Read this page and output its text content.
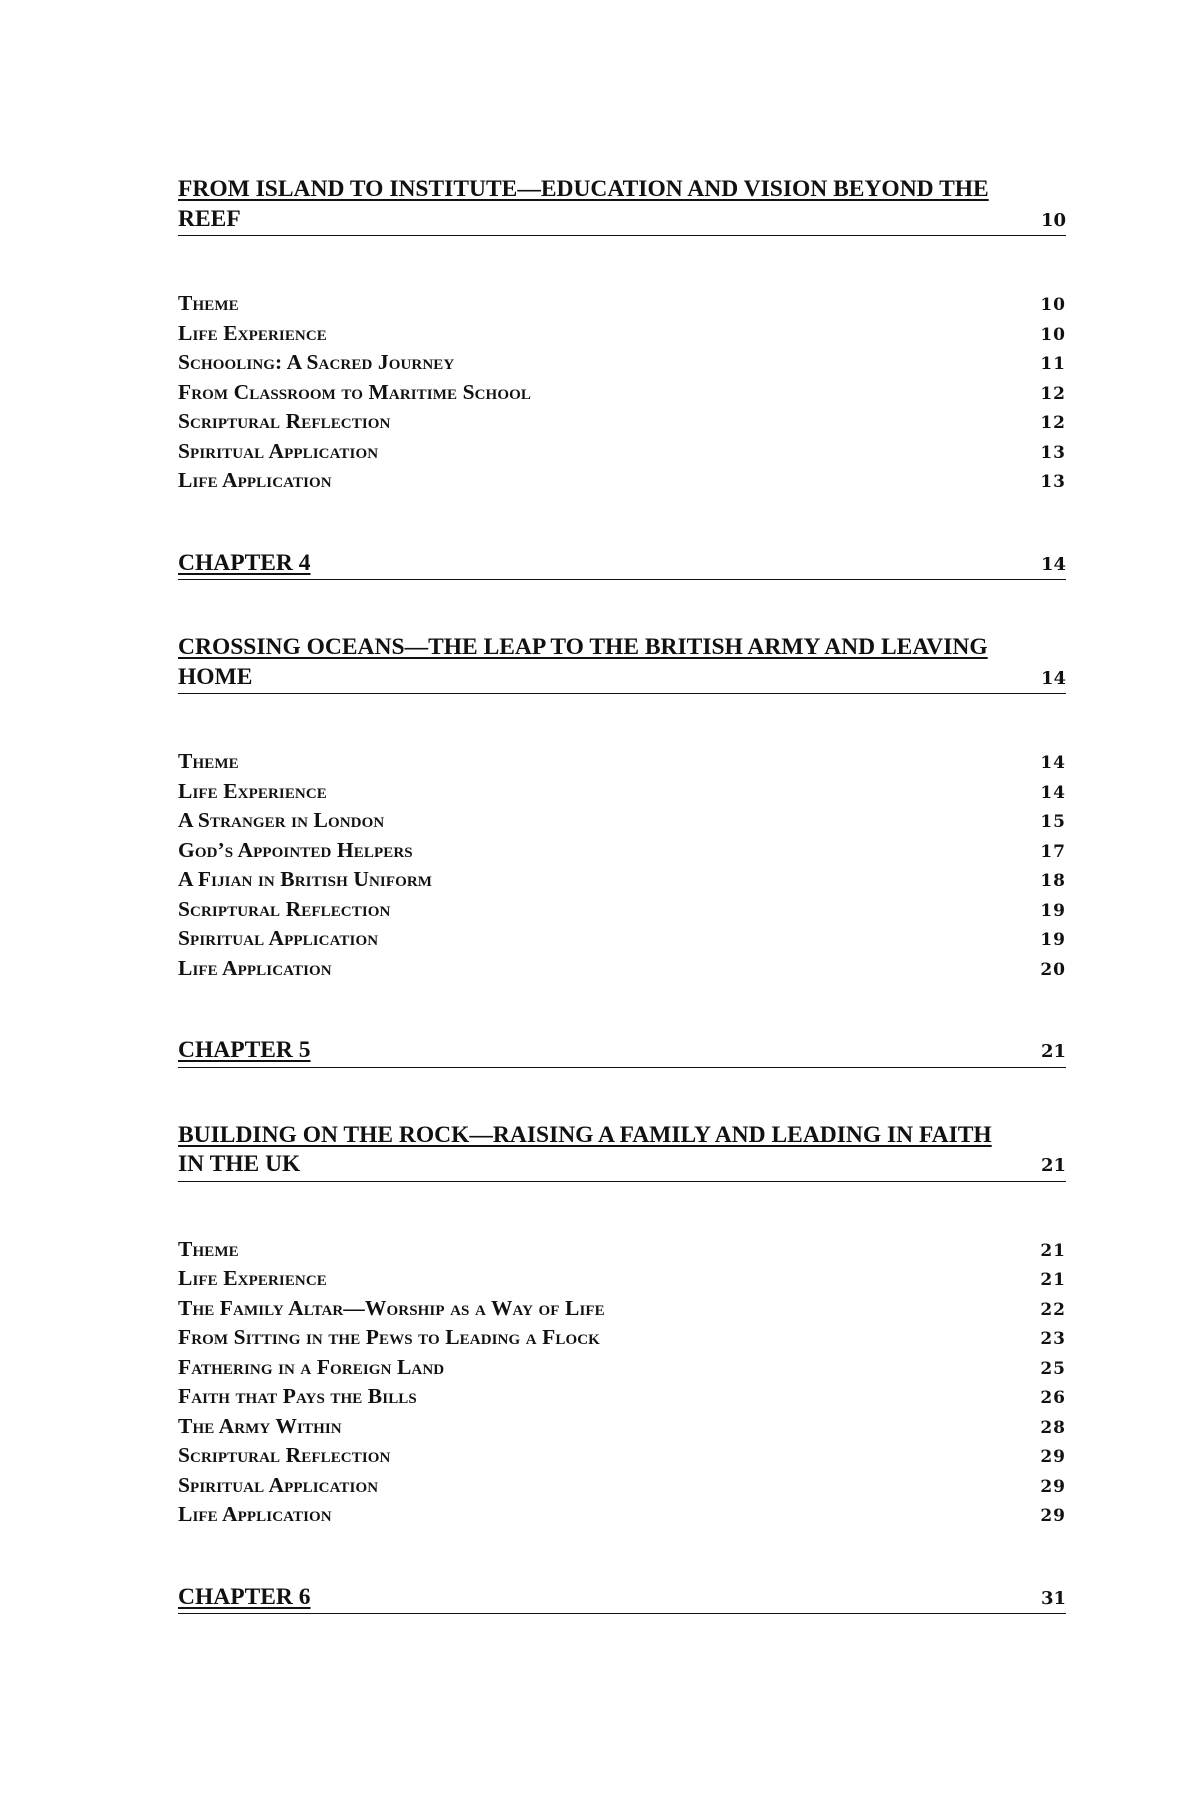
FROM ISLAND TO INSTITUTE—EDUCATION AND VISION BEYOND THE
REEF	10
Theme	10
Life Experience	10
Schooling: A Sacred Journey	11
From Classroom to Maritime School	12
Scriptural Reflection	12
Spiritual Application	13
Life Application	13
CHAPTER 4	14
CROSSING OCEANS—THE LEAP TO THE BRITISH ARMY AND LEAVING
HOME	14
Theme	14
Life Experience	14
A Stranger in London	15
God’s Appointed Helpers	17
A Fijian in British Uniform	18
Scriptural Reflection	19
Spiritual Application	19
Life Application	20
CHAPTER 5	21
BUILDING ON THE ROCK—RAISING A FAMILY AND LEADING IN FAITH
IN THE UK	21
Theme	21
Life Experience	21
The Family Altar—Worship as a Way of Life	22
From Sitting in the Pews to Leading a Flock	23
Fathering in a Foreign Land	25
Faith that Pays the Bills	26
The Army Within	28
Scriptural Reflection	29
Spiritual Application	29
Life Application	29
CHAPTER 6	31
